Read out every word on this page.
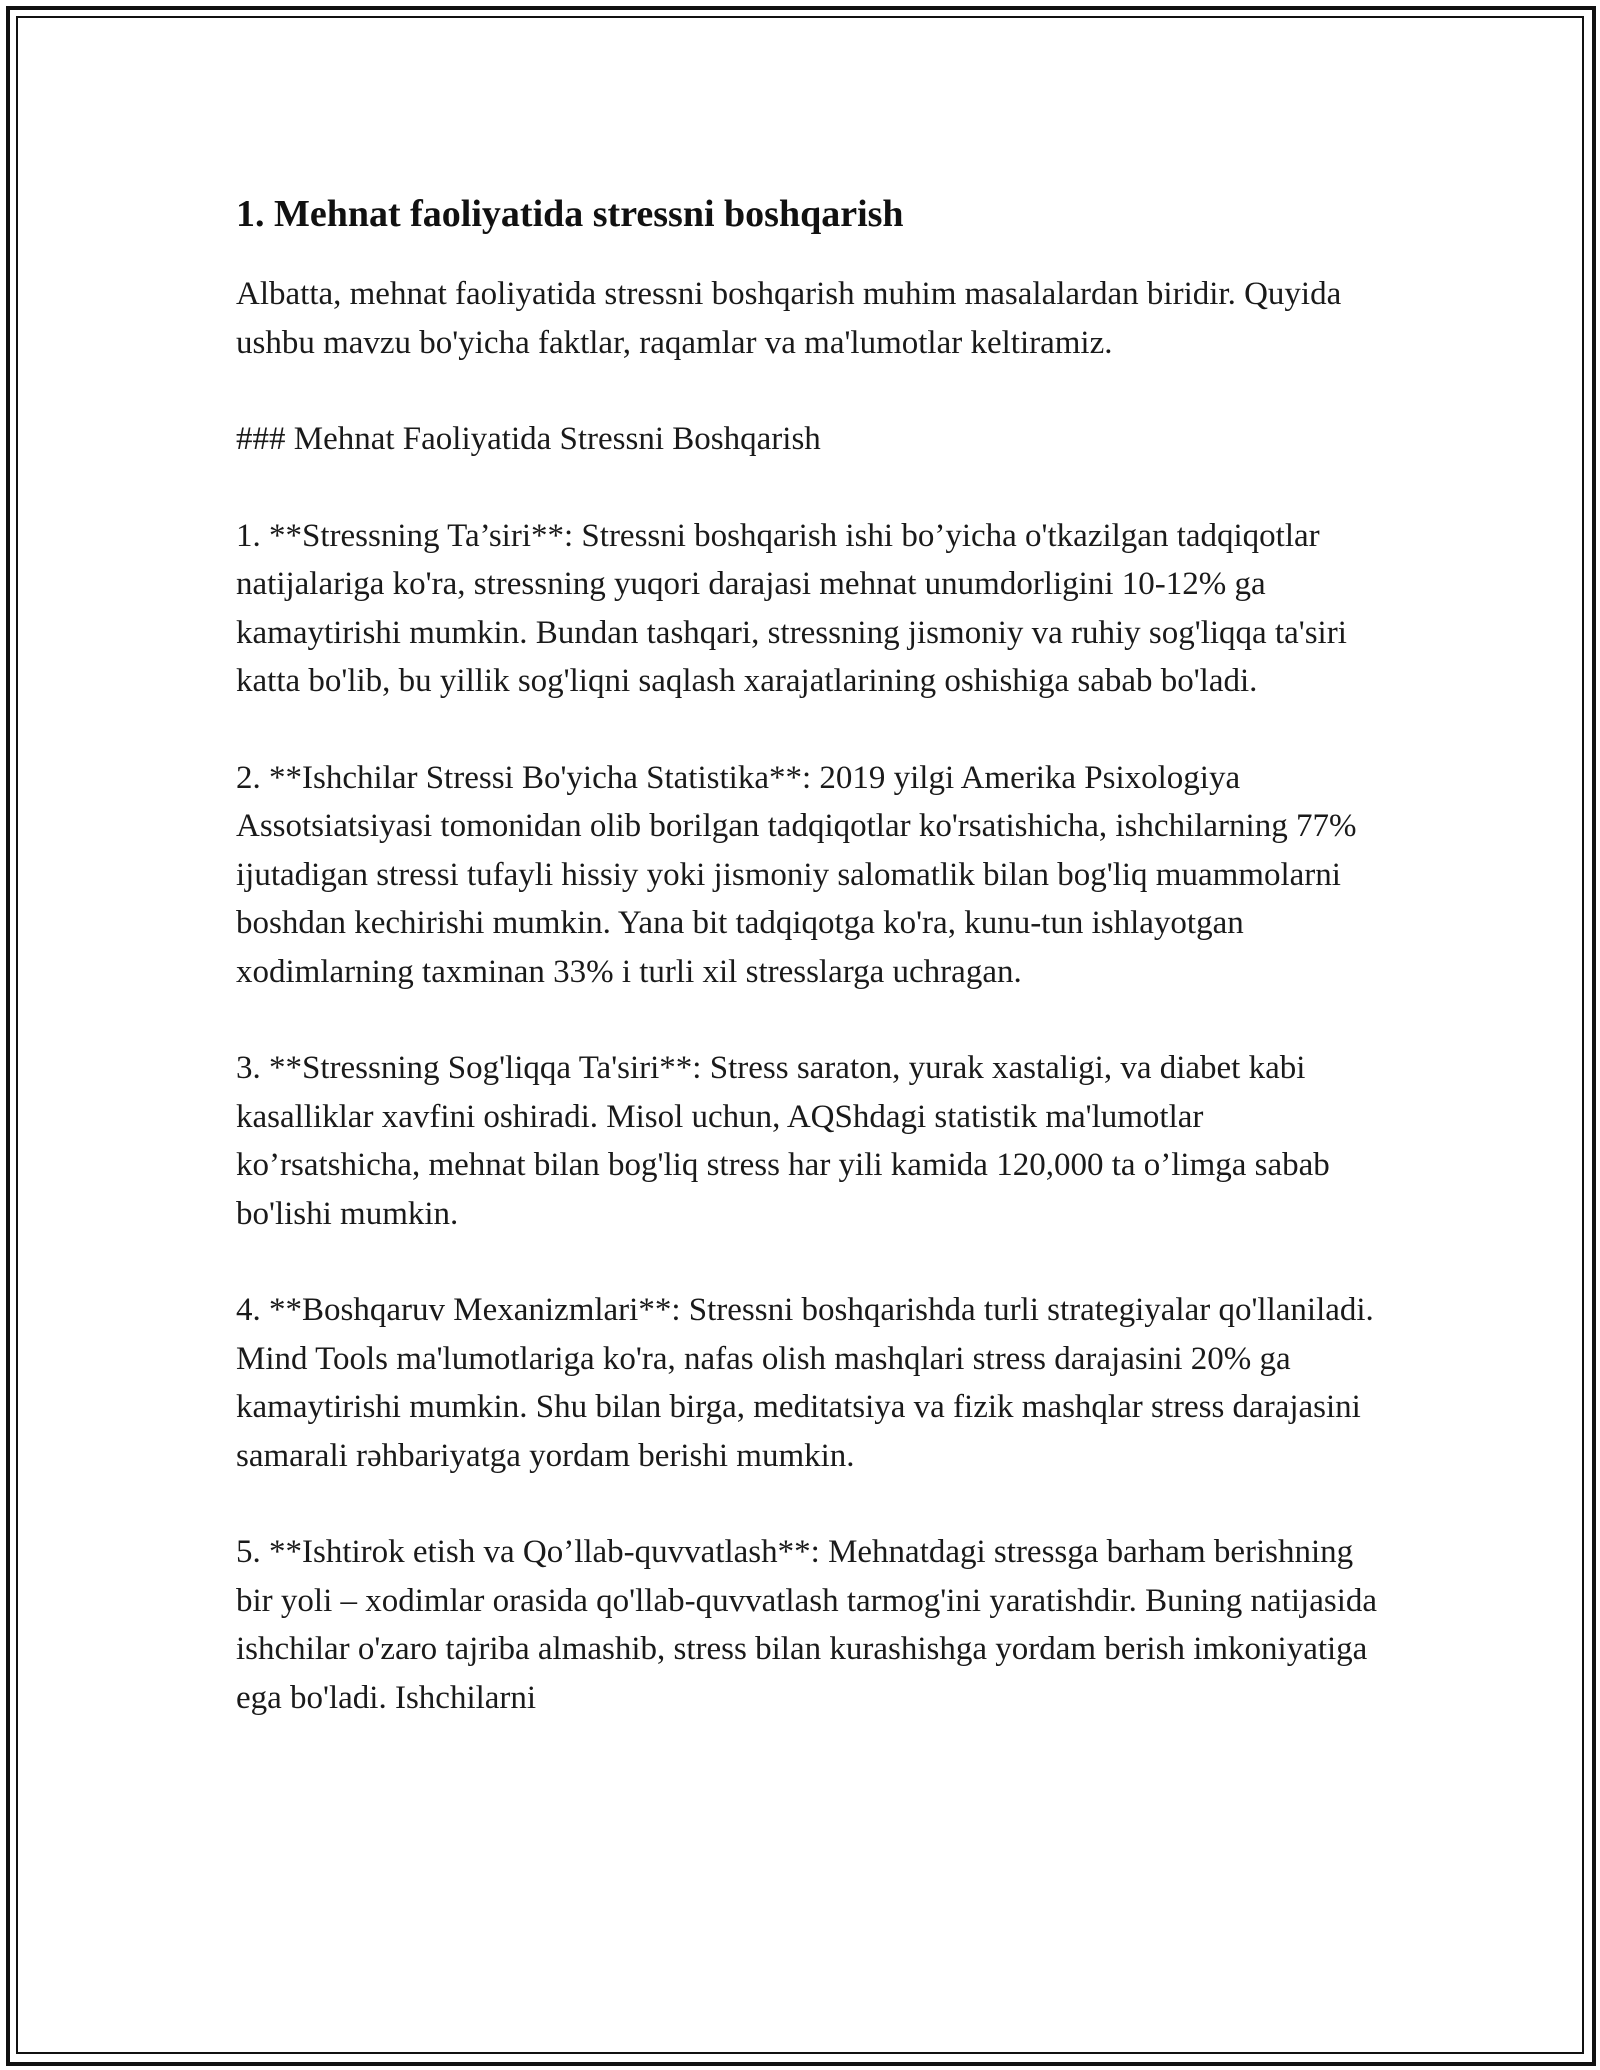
1. Mehnat faoliyatida stressni boshqarish

Albatta, mehnat faoliyatida stressni boshqarish muhim masalalardan biridir. Quyida ushbu mavzu bo'yicha faktlar, raqamlar va ma'lumotlar keltiramiz.

### Mehnat Faoliyatida Stressni Boshqarish

1. **Stressning Ta’siri**: Stressni boshqarish ishi bo’yicha o'tkazilgan tadqiqotlar natijalariga ko'ra, stressning yuqori darajasi mehnat unumdorligini 10-12% ga kamaytirishi mumkin. Bundan tashqari, stressning jismoniy va ruhiy sog'liqqa ta'siri katta bo'lib, bu yillik sog'liqni saqlash xarajatlarining oshishiga sabab bo'ladi.

2. **Ishchilar Stressi Bo'yicha Statistika**: 2019 yilgi Amerika Psixologiya Assotsiatsiyasi tomonidan olib borilgan tadqiqotlar ko'rsatishicha, ishchilarning 77% ijutadigan stressi tufayli hissiy yoki jismoniy salomatlik bilan bog'liq muammolarni boshdan kechirishi mumkin. Yana bit tadqiqotga ko'ra, kunu-tun ishlayotgan xodimlarning taxminan 33% i turli xil stresslarga uchragan.

3. **Stressning Sog'liqqa Ta'siri**: Stress saraton, yurak xastaligi, va diabet kabi kasalliklar xavfini oshiradi. Misol uchun, AQShdagi statistik ma'lumotlar ko’rsatshicha, mehnat bilan bog'liq stress har yili kamida 120,000 ta o’limga sabab bo'lishi mumkin.

4. **Boshqaruv Mexanizmlari**: Stressni boshqarishda turli strategiyalar qo'llaniladi. Mind Tools ma'lumotlariga ko'ra, nafas olish mashqlari stress darajasini 20% ga kamaytirishi mumkin. Shu bilan birga, meditatsiya va fizik mashqlar stress darajasini samarali rəhbariyatga yordam berishi mumkin.

5. **Ishtirok etish va Qo’llab-quvvatlash**: Mehnatdagi stressga barham berishning bir yoli – xodimlar orasida qo'llab-quvvatlash tarmog'ini yaratishdir. Buning natijasida ishchilar o'zaro tajriba almashib, stress bilan kurashishga yordam berish imkoniyatiga ega bo'ladi. Ishchilarni
